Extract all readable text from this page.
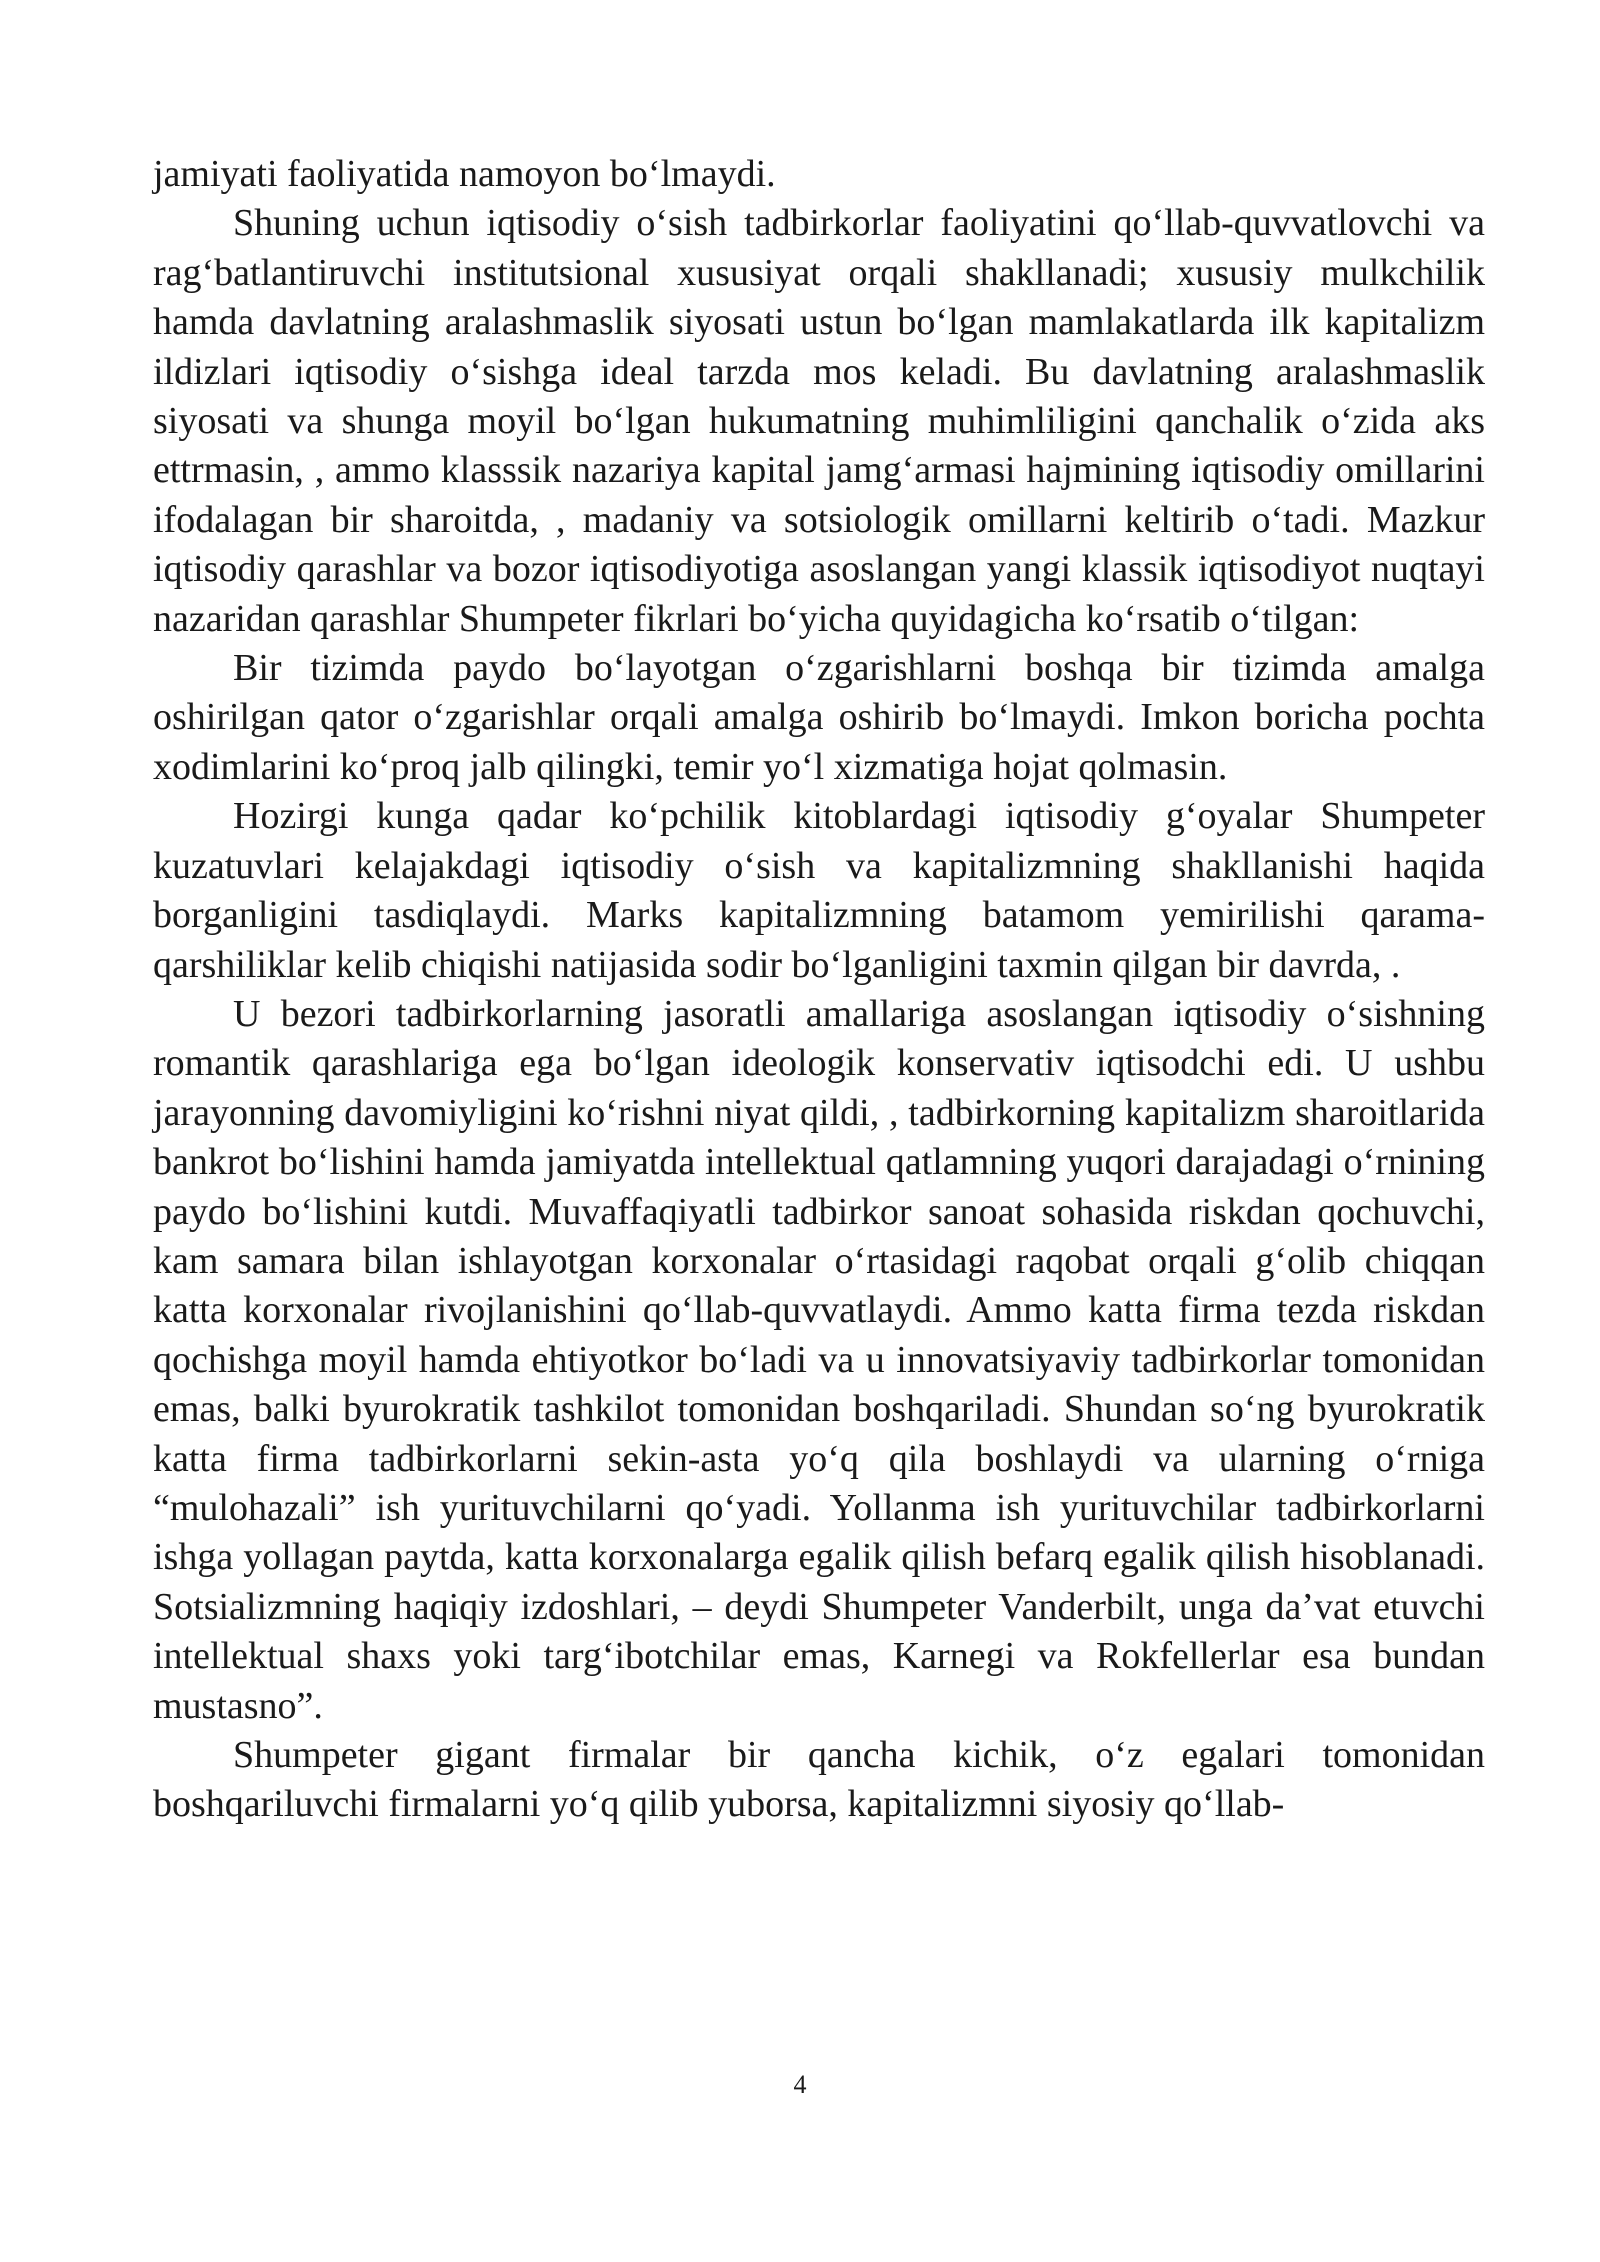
jamiyati faoliyatida namoyon bo‘lmaydi.

Shuning uchun iqtisodiy o‘sish tadbirkorlar faoliyatini qo‘llab-quvvatlovchi va rag‘batlantiruvchi institutsional xususiyat orqali shakllanadi; xususiy mulkchilik hamda davlatning aralashmaslik siyosati ustun bo‘lgan mamlakatlarda ilk kapitalizm ildizlari iqtisodiy o‘sishga ideal tarzda mos keladi. Bu davlatning aralashmaslik siyosati va shunga moyil bo‘lgan hukumatning muhimliligini qanchalik o‘zida aks ettrmasin, , ammo klasssik nazariya kapital jamg‘armasi hajmining iqtisodiy omillarini ifodalagan bir sharoitda, , madaniy va sotsiologik omillarni keltirib o‘tadi. Mazkur iqtisodiy qarashlar va bozor iqtisodiyotiga asoslangan yangi klassik iqtisodiyot nuqtayi nazaridan qarashlar Shumpeter fikrlari bo‘yicha quyidagicha ko‘rsatib o‘tilgan:

Bir tizimda paydo bo‘layotgan o‘zgarishlarni boshqa bir tizimda amalga oshirilgan qator o‘zgarishlar orqali amalga oshirib bo‘lmaydi. Imkon boricha pochta xodimlarini ko‘proq jalb qilingki, temir yo‘l xizmatiga hojat qolmasin.

Hozirgi kunga qadar ko‘pchilik kitoblardagi iqtisodiy g‘oyalar Shumpeter kuzatuvlari kelajakdagi iqtisodiy o‘sish va kapitalizmning shakllanishi haqida borganligini tasdiqlaydi. Marks kapitalizmning batamom yemirilishi qarama-qarshiliklar kelib chiqishi natijasida sodir bo‘lganligini taxmin qilgan bir davrda, .

U bezori tadbirkorlarning jasoratli amallariga asoslangan iqtisodiy o‘sishning romantik qarashlariga ega bo‘lgan ideologik konservativ iqtisodchi edi. U ushbu jarayonning davomiyligini ko‘rishni niyat qildi, , tadbirkorning kapitalizm sharoitlarida bankrot bo‘lishini hamda jamiyatda intellektual qatlamning yuqori darajadagi o‘rnining paydo bo‘lishini kutdi. Muvaffaqiyatli tadbirkor sanoat sohasida riskdan qochuvchi, kam samara bilan ishlayotgan korxonalar o‘rtasidagi raqobat orqali g‘olib chiqqan katta korxonalar rivojlanishini qo‘llab-quvvatlaydi. Ammo katta firma tezda riskdan qochishga moyil hamda ehtiyotkor bo‘ladi va u innovatsiyaviy tadbirkorlar tomonidan emas, balki byurokratik tashkilot tomonidan boshqariladi. Shundan so‘ng byurokratik katta firma tadbirkorlarni sekin-asta yo‘q qila boshlaydi va ularning o‘rniga “mulohazali” ish yurituvchilarni qo‘yadi. Yollanma ish yurituvchilar tadbirkorlarni ishga yollagan paytda, katta korxonalarga egalik qilish befarq egalik qilish hisoblanadi. Sotsializmning haqiqiy izdoshlari, – deydi Shumpeter Vanderbilt, unga da’vat etuvchi intellektual shaxs yoki targ‘ibotchilar emas, Karnegi va Rokfellerlar esa bundan mustasno”.

Shumpeter gigant firmalar bir qancha kichik, o‘z egalari tomonidan boshqariluvchi firmalarni yo‘q qilib yuborsa, kapitalizmni siyosiy qo‘llab-

4
